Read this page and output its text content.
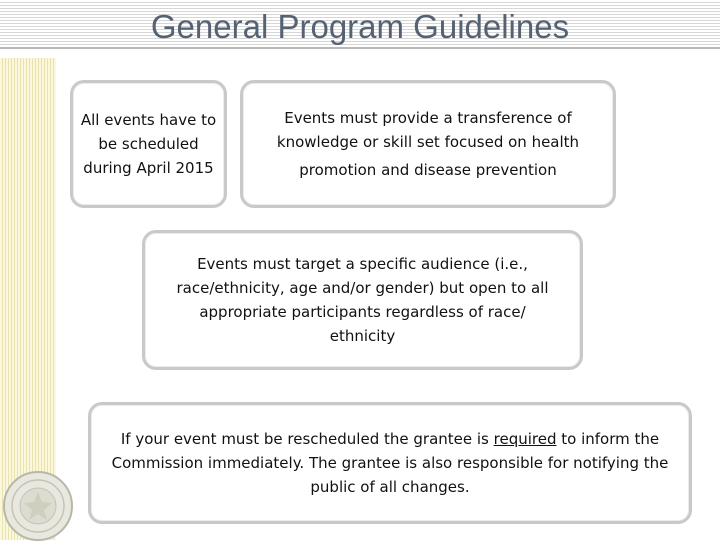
General Program Guidelines

All events have to be scheduled during April 2015

Events must provide a transference of knowledge or skill set focused on health
promotion and disease prevention

Events must target a specific audience (i.e., race/ethnicity, age and/or gender) but open to all appropriate participants regardless of race/ ethnicity

If your event must be rescheduled the grantee is required to inform the Commission immediately. The grantee is also responsible for notifying the public of all changes.
